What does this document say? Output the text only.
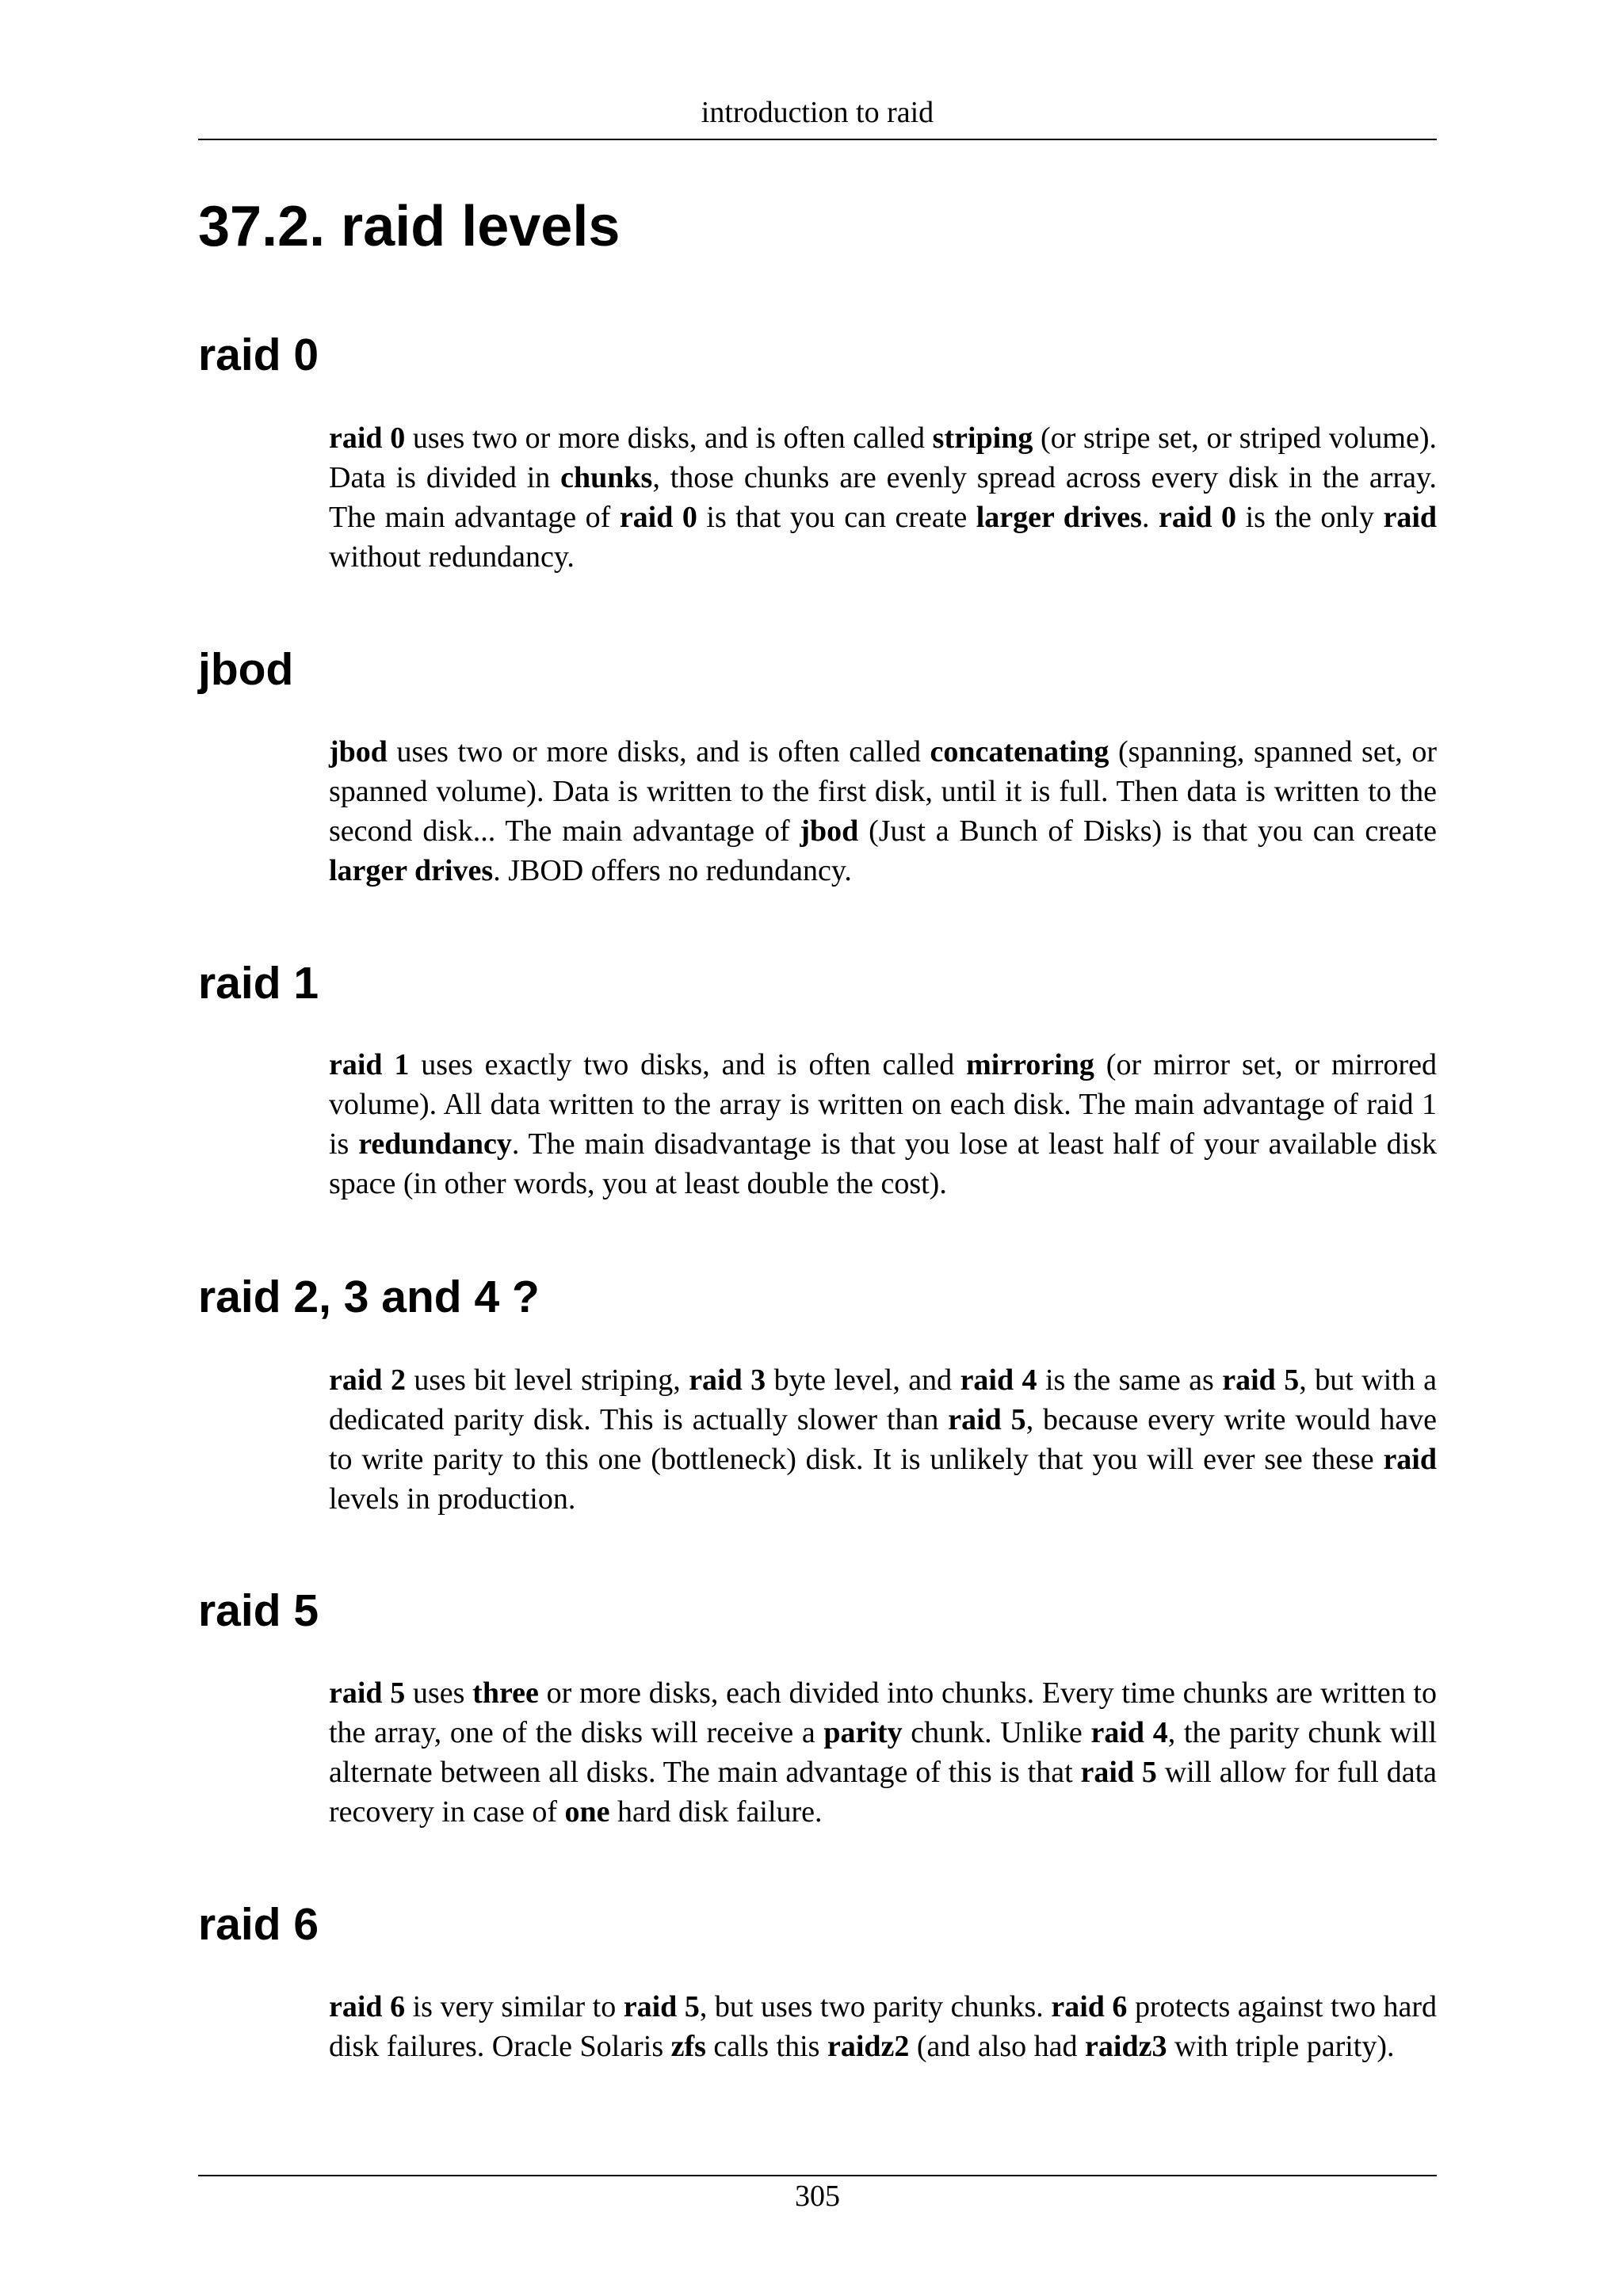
introduction to raid
37.2. raid levels
raid 0

raid 0 uses two or more disks, and is often called striping (or stripe set, or striped volume). Data is divided in chunks, those chunks are evenly spread across every disk in the array. The main advantage of raid 0 is that you can create larger drives. raid 0 is the only raid without redundancy.

jbod

jbod uses two or more disks, and is often called concatenating (spanning, spanned set, or spanned volume). Data is written to the first disk, until it is full. Then data is written to the second disk... The main advantage of jbod (Just a Bunch of Disks) is that you can create larger drives. JBOD offers no redundancy.

raid 1

raid 1 uses exactly two disks, and is often called mirroring (or mirror set, or mirrored volume). All data written to the array is written on each disk. The main advantage of raid 1 is redundancy. The main disadvantage is that you lose at least half of your available disk space (in other words, you at least double the cost).

raid 2, 3 and 4 ?

raid 2 uses bit level striping, raid 3 byte level, and raid 4 is the same as raid 5, but with a dedicated parity disk. This is actually slower than raid 5, because every write would have to write parity to this one (bottleneck) disk. It is unlikely that you will ever see these raid levels in production.

raid 5

raid 5 uses three or more disks, each divided into chunks. Every time chunks are written to the array, one of the disks will receive a parity chunk. Unlike raid 4, the parity chunk will alternate between all disks. The main advantage of this is that raid 5 will allow for full data recovery in case of one hard disk failure.

raid 6

raid 6 is very similar to raid 5, but uses two parity chunks. raid 6 protects against two hard disk failures. Oracle Solaris zfs calls this raidz2 (and also had raidz3 with triple parity).

305
